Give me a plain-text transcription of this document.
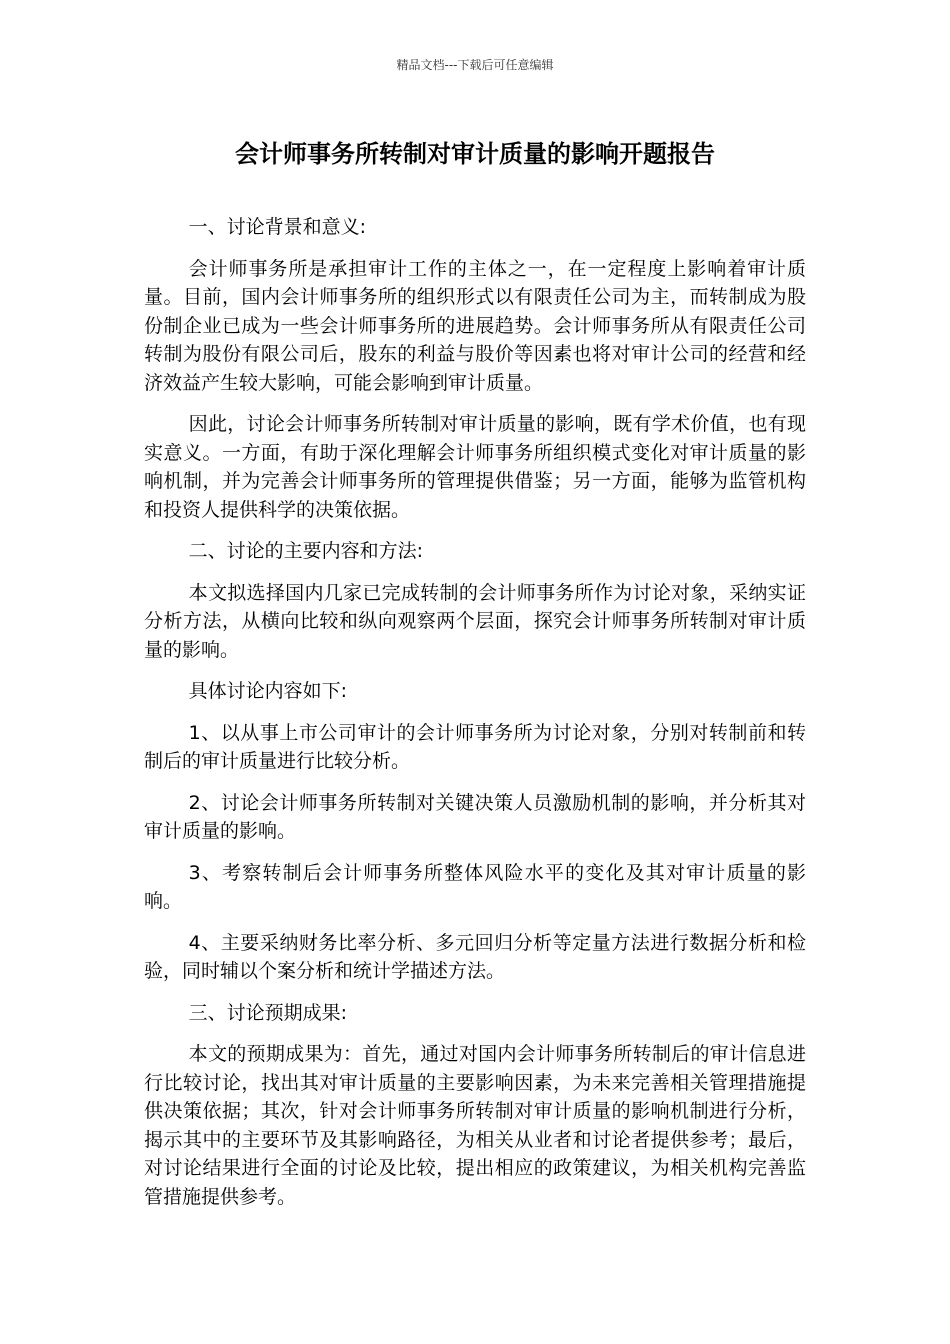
精品文档---下载后可任意编辑
会计师事务所转制对审计质量的影响开题报告

一、讨论背景和意义:

会计师事务所是承担审计工作的主体之一，在一定程度上影响着审计质量。目前，国内会计师事务所的组织形式以有限责任公司为主，而转制成为股份制企业已成为一些会计师事务所的进展趋势。会计师事务所从有限责任公司转制为股份有限公司后，股东的利益与股价等因素也将对审计公司的经营和经济效益产生较大影响，可能会影响到审计质量。

因此，讨论会计师事务所转制对审计质量的影响，既有学术价值，也有现实意义。一方面，有助于深化理解会计师事务所组织模式变化对审计质量的影响机制，并为完善会计师事务所的管理提供借鉴；另一方面，能够为监管机构和投资人提供科学的决策依据。

二、讨论的主要内容和方法:

本文拟选择国内几家已完成转制的会计师事务所作为讨论对象，采纳实证分析方法，从横向比较和纵向观察两个层面，探究会计师事务所转制对审计质量的影响。

具体讨论内容如下:

1、以从事上市公司审计的会计师事务所为讨论对象，分别对转制前和转制后的审计质量进行比较分析。

2、讨论会计师事务所转制对关键决策人员激励机制的影响，并分析其对审计质量的影响。

3、考察转制后会计师事务所整体风险水平的变化及其对审计质量的影响。

4、主要采纳财务比率分析、多元回归分析等定量方法进行数据分析和检验，同时辅以个案分析和统计学描述方法。

三、讨论预期成果:

本文的预期成果为：首先，通过对国内会计师事务所转制后的审计信息进行比较讨论，找出其对审计质量的主要影响因素，为未来完善相关管理措施提供决策依据；其次，针对会计师事务所转制对审计质量的影响机制进行分析，揭示其中的主要环节及其影响路径，为相关从业者和讨论者提供参考；最后，对讨论结果进行全面的讨论及比较，提出相应的政策建议，为相关机构完善监管措施提供参考。
